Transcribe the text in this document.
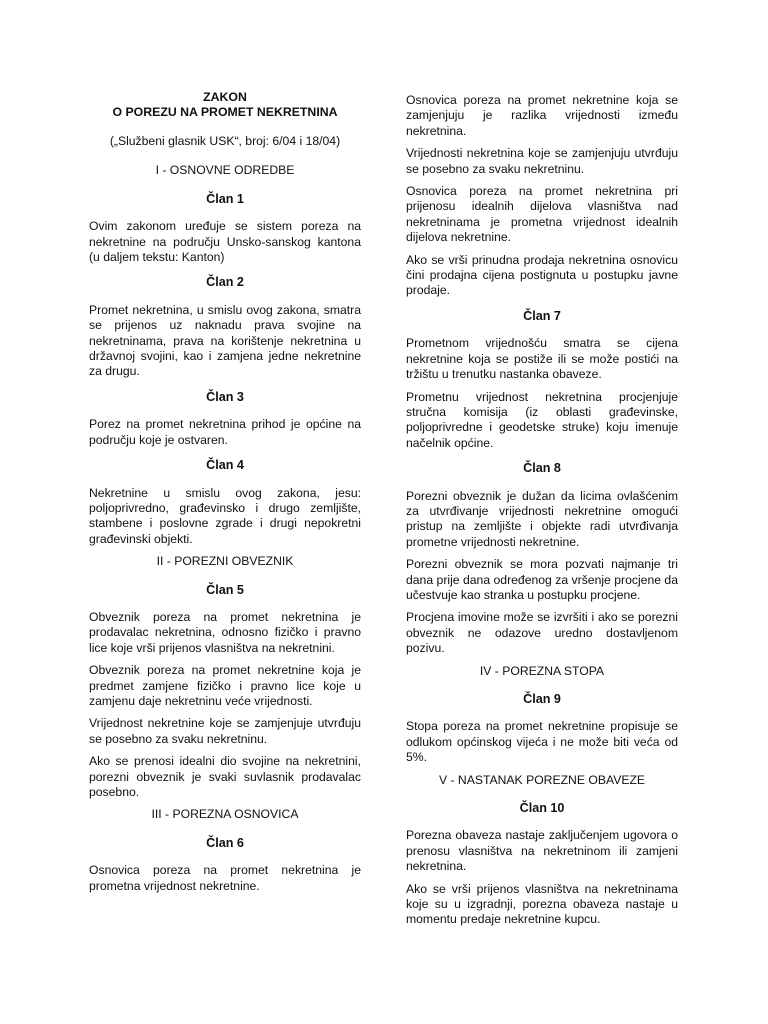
ZAKON
O POREZU NA PROMET NEKRETNINA
(„Službeni glasnik USK“, broj: 6/04 i 18/04)
I - OSNOVNE ODREDBE
Član 1
Ovim zakonom uređuje se sistem poreza na nekretnine na području Unsko-sanskog kantona (u daljem tekstu: Kanton)
Član 2
Promet nekretnina, u smislu ovog zakona, smatra se prijenos uz naknadu prava svojine na nekretninama, prava na korištenje nekretnina u državnoj svojini, kao i zamjena jedne nekretnine za drugu.
Član 3
Porez na promet nekretnina prihod je općine na području koje je ostvaren.
Član 4
Nekretnine u smislu ovog zakona, jesu: poljoprivredno, građevinsko i drugo zemljište, stambene i poslovne zgrade i drugi nepokretni građevinski objekti.
II - POREZNI OBVEZNIK
Član 5
Obveznik poreza na promet nekretnina je prodavalac nekretnina, odnosno fizičko i pravno lice koje vrši prijenos vlasništva na nekretnini.
Obveznik poreza na promet nekretnine koja je predmet zamjene fizičko i pravno lice koje u zamjenu daje nekretninu veće vrijednosti.
Vrijednost nekretnine koje se zamjenjuje utvrđuju se posebno za svaku nekretninu.
Ako se prenosi idealni dio svojine na nekretnini, porezni obveznik je svaki suvlasnik prodavalac posebno.
III - POREZNA OSNOVICA
Član 6
Osnovica poreza na promet nekretnina je prometna vrijednost nekretnine.
Osnovica poreza na promet nekretnine koja se zamjenjuju je razlika vrijednosti između nekretnina.
Vrijednosti nekretnina koje se zamjenjuju utvrđuju se posebno za svaku nekretninu.
Osnovica poreza na promet nekretnina pri prijenosu idealnih dijelova vlasništva nad nekretninama je prometna vrijednost idealnih dijelova nekretnine.
Ako se vrši prinudna prodaja nekretnina osnovicu čini prodajna cijena postignuta u postupku javne prodaje.
Član 7
Prometnom vrijednošću smatra se cijena nekretnine koja se postiže ili se može postići na tržištu u trenutku nastanka obaveze.
Prometnu vrijednost nekretnina procjenjuje stručna komisija (iz oblasti građevinske, poljoprivredne i geodetske struke) koju imenuje načelnik općine.
Član 8
Porezni obveznik je dužan da licima ovlašćenim za utvrđivanje vrijednosti nekretnine omogući pristup na zemljište i objekte radi utvrđivanja prometne vrijednosti nekretnine.
Porezni obveznik se mora pozvati najmanje tri dana prije dana određenog za vršenje procjene da učestvuje kao stranka u postupku procjene.
Procjena imovine može se izvršiti i ako se porezni obveznik ne odazove uredno dostavljenom pozivu.
IV - POREZNA STOPA
Član 9
Stopa poreza na promet nekretnine propisuje se odlukom općinskog vijeća i ne može biti veća od 5%.
V - NASTANAK POREZNE OBAVEZE
Član 10
Porezna obaveza nastaje zaključenjem ugovora o prenosu vlasništva na nekretninom ili zamjeni nekretnina.
Ako se vrši prijenos vlasništva na nekretninama koje su u izgradnji, porezna obaveza nastaje u momentu predaje nekretnine kupcu.
